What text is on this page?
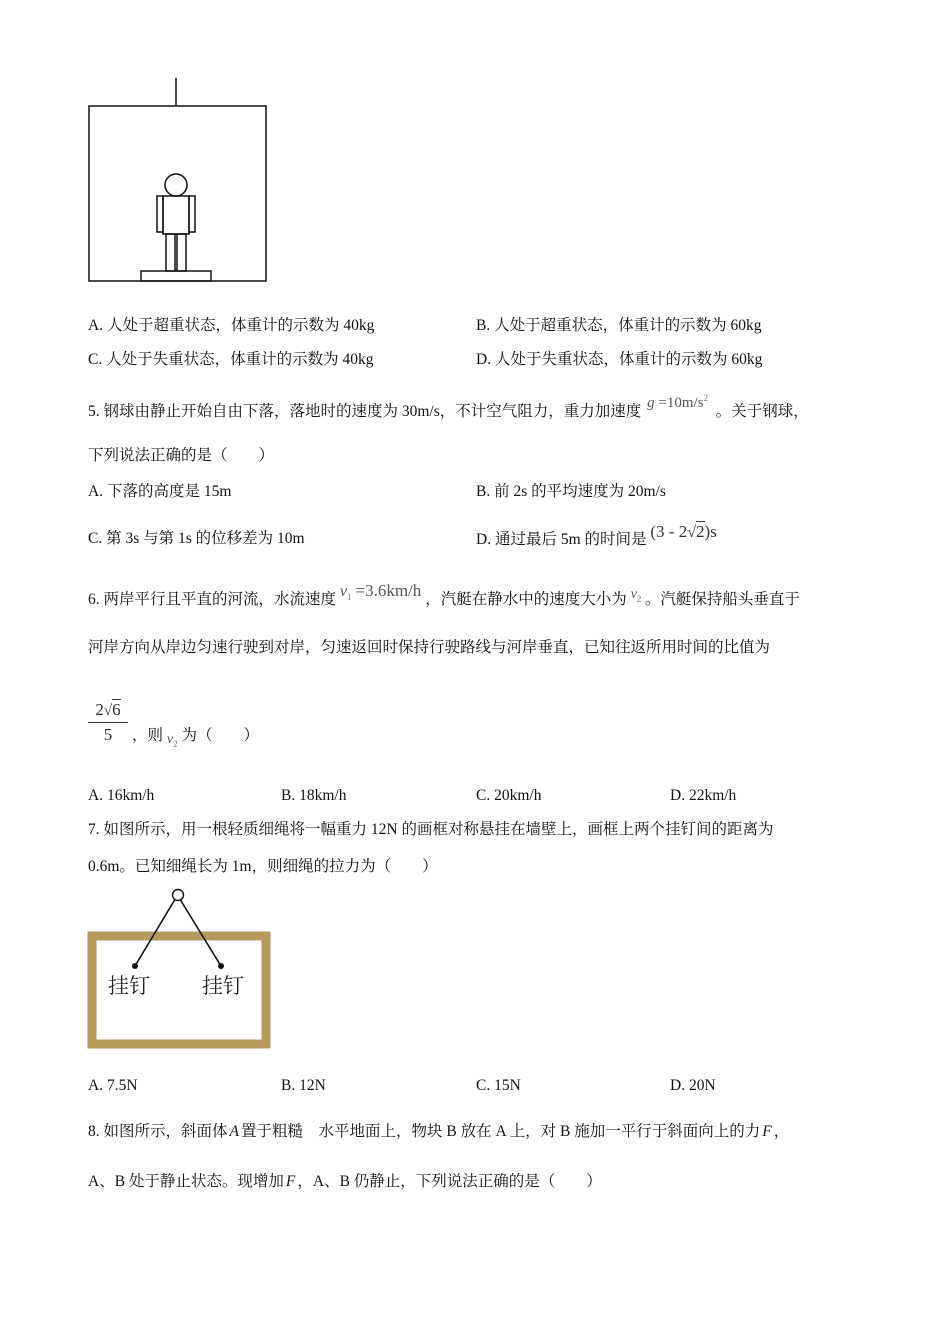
A. 人处于超重状态，体重计的示数为 40kg	B. 人处于超重状态，体重计的示数为 60kg
C. 人处于失重状态，体重计的示数为 40kg	D. 人处于失重状态，体重计的示数为 60kg
5. 钢球由静止开始自由下落，落地时的速度为 30m/s，不计空气阻力，重力加速度 $g =10m/s^2$ 。关于钢球，
下列说法正确的是（　　）
A. 下落的高度是 15m	B. 前 2s 的平均速度为 20m/s
C. 第 3s 与第 1s 的位移差为 10m	D. 通过最后 5m 的时间是 (3 - 2√2)s
6. 两岸平行且平直的河流，水流速度 $v_1 =3.6km/h$ ，汽艇在静水中的速度大小为 $v_2$ 。汽艇保持船头垂直于
河岸方向从岸边匀速行驶到对岸，匀速返回时保持行驶路线与河岸垂直，已知往返所用时间的比值为
2√6
5	，则 $v_2$ 为（　　）
A. 16km/h	B. 18km/h	C. 20km/h	D. 22km/h
7. 如图所示，用一根轻质细绳将一幅重力 12N 的画框对称悬挂在墙壁上，画框上两个挂钉间的距离为
0.6m。已知细绳长为 1m，则细绳的拉力为（　　）
挂钉 挂钉
A. 7.5N	B. 12N	C. 15N	D. 20N
8. 如图所示，斜面体 A 置于粗糙　水平地面上，物块 B 放在 A 上，对 B 施加一平行于斜面向上的力 F ，
A、B 处于静止状态。现增加 F ，A、B 仍静止，下列说法正确的是（　　）
